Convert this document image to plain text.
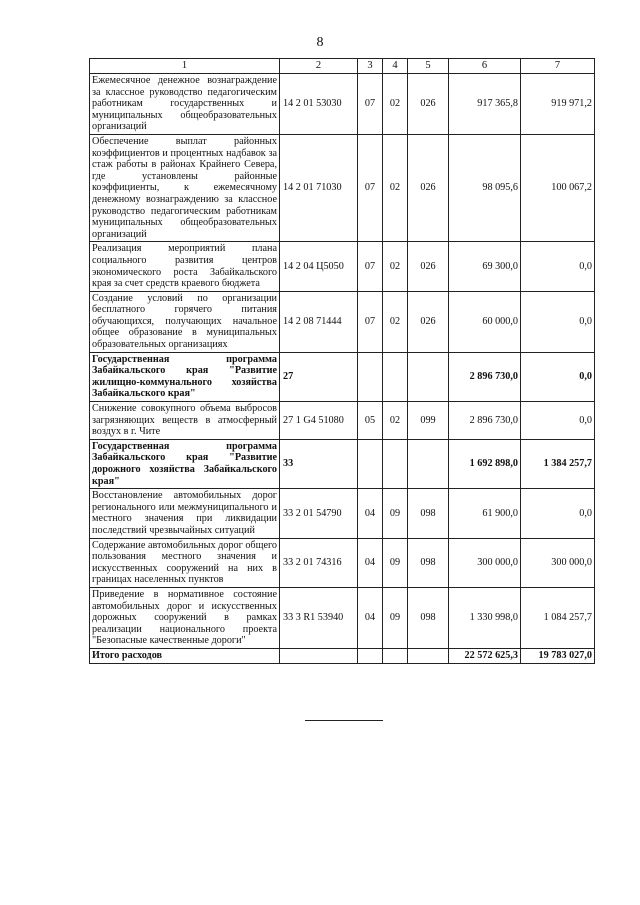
8
1	2	3	4	5	6	7
Ежемесячное денежное вознаграждение за классное руководство педагогическим работникам государственных и муниципальных общеобразовательных организаций	14 2 01 53030	07	02	026	917 365,8	919 971,2
Обеспечение выплат районных коэффициентов и процентных надбавок за стаж работы в районах Крайнего Севера, где установлены районные коэффициенты, к ежемесячному денежному вознаграждению за классное руководство педагогическим работникам муниципальных общеобразовательных организаций	14 2 01 71030	07	02	026	98 095,6	100 067,2
Реализация мероприятий плана социального развития центров экономического роста Забайкальского края за счет средств краевого бюджета	14 2 04 Ц5050	07	02	026	69 300,0	0,0
Создание условий по организации бесплатного горячего питания обучающихся, получающих начальное общее образование в муниципальных образовательных организациях	14 2 08 71444	07	02	026	60 000,0	0,0
Государственная программа Забайкальского края "Развитие жилищно-коммунального хозяйства Забайкальского края"	27				2 896 730,0	0,0
Снижение совокупного объема выбросов загрязняющих веществ в атмосферный воздух в г. Чите	27 1 G4 51080	05	02	099	2 896 730,0	0,0
Государственная программа Забайкальского края "Развитие дорожного хозяйства Забайкальского края"	33				1 692 898,0	1 384 257,7
Восстановление автомобильных дорог регионального или межмуниципального и местного значения при ликвидации последствий чрезвычайных ситуаций	33 2 01 54790	04	09	098	61 900,0	0,0
Содержание автомобильных дорог общего пользования местного значения и искусственных сооружений на них в границах населенных пунктов	33 2 01 74316	04	09	098	300 000,0	300 000,0
Приведение в нормативное состояние автомобильных дорог и искусственных дорожных сооружений в рамках реализации национального проекта "Безопасные качественные дороги"	33 3 R1 53940	04	09	098	1 330 998,0	1 084 257,7
Итого расходов					22 572 625,3	19 783 027,0
